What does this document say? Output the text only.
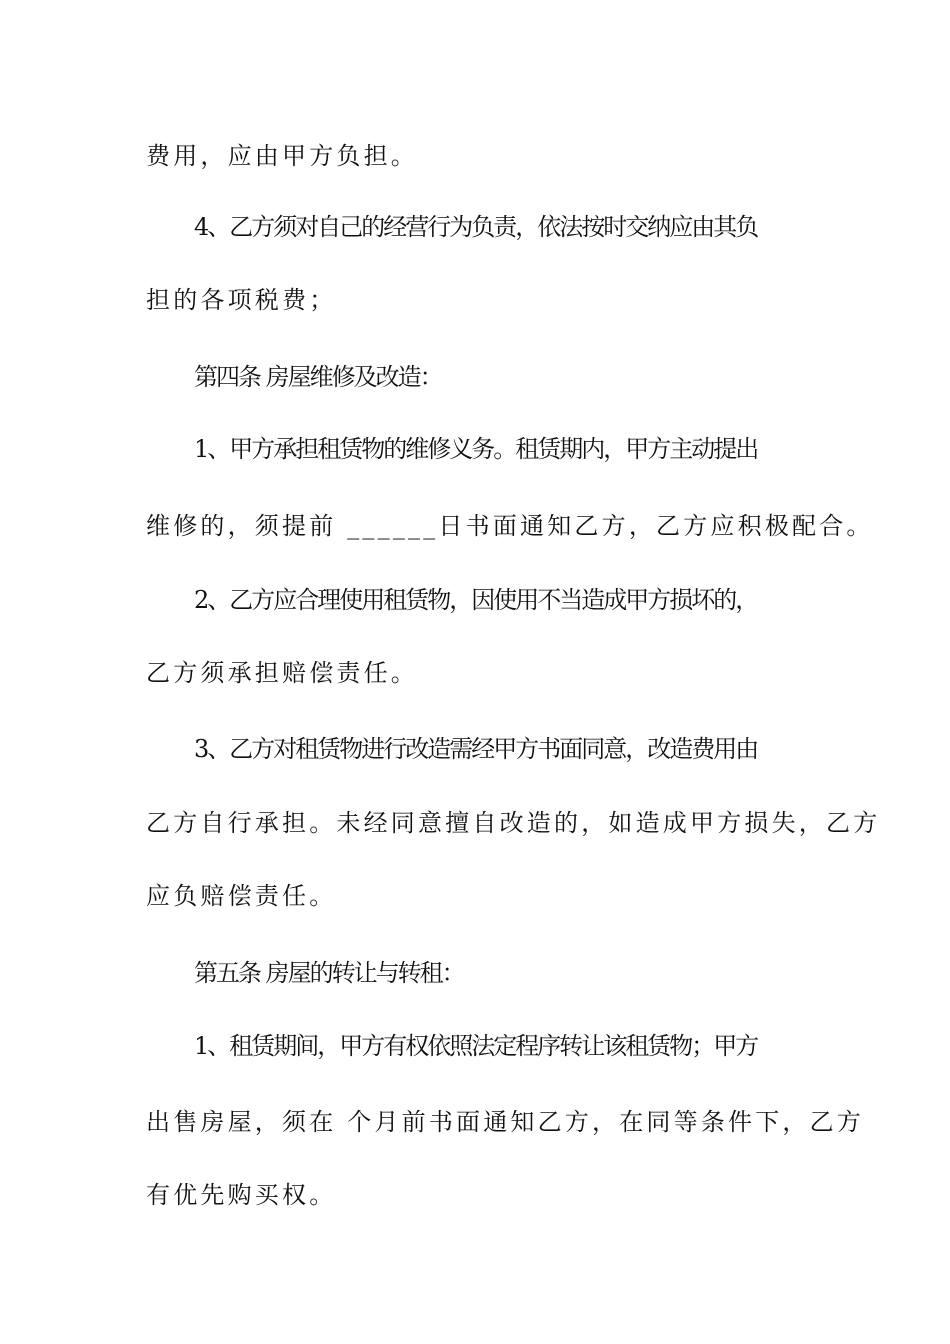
费用，应由甲方负担。
4、乙方须对自己的经营行为负责，依法按时交纳应由其负
担的各项税费；
第四条 房屋维修及改造：
1、甲方承担租赁物的维修义务。租赁期内，甲方主动提出
维修的，须提前 ______日书面通知乙方，乙方应积极配合。
2、乙方应合理使用租赁物，因使用不当造成甲方损坏的，
乙方须承担赔偿责任。
3、乙方对租赁物进行改造需经甲方书面同意，改造费用由
乙方自行承担。未经同意擅自改造的，如造成甲方损失，乙方
应负赔偿责任。
第五条 房屋的转让与转租：
1、租赁期间，甲方有权依照法定程序转让该租赁物；甲方
出售房屋，须在 个月前书面通知乙方，在同等条件下，乙方
有优先购买权。
